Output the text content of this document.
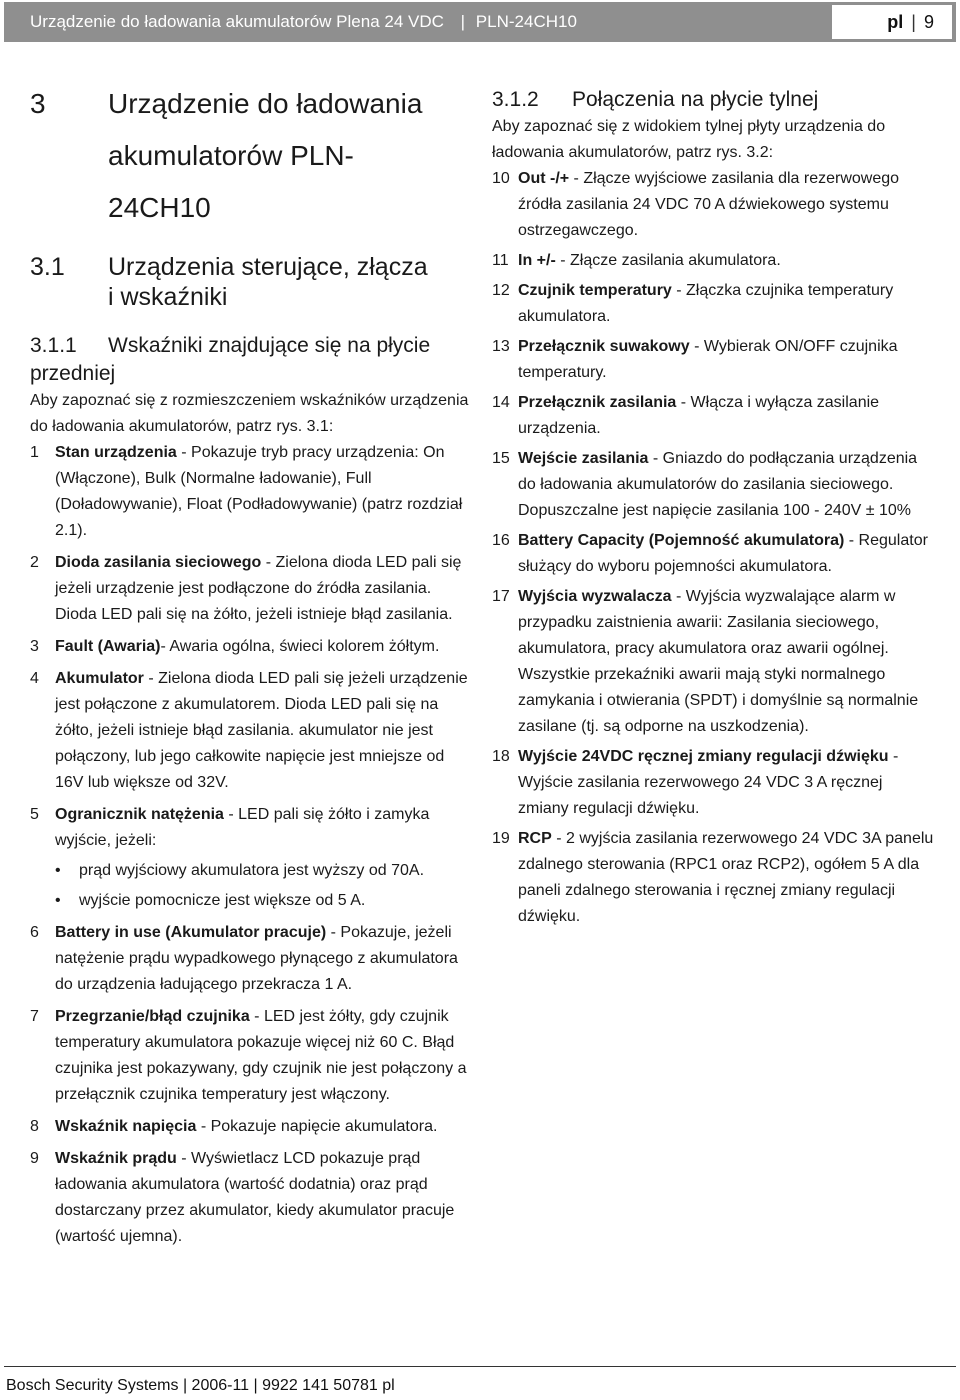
Urządzenie do ładowania akumulatorów Plena 24 VDC | PLN-24CH10	pl | 9
3	Urządzenie do ładowania
akumulatorów PLN-
24CH10
3.1	Urządzenia sterujące, złącza
i wskaźniki
3.1.1	Wskaźniki znajdujące się na płycie
przedniej

Aby zapoznać się z rozmieszczeniem wskaźników urządzenia do ładowania akumulatorów, patrz rys. 3.1:

1	Stan urządzenia - Pokazuje tryb pracy urządzenia: On (Włączone), Bulk (Normalne ładowanie), Full (Doładowywanie), Float (Podładowywanie) (patrz rozdział 2.1).
2	Dioda zasilania sieciowego - Zielona dioda LED pali się jeżeli urządzenie jest podłączone do źródła zasilania. Dioda LED pali się na żółto, jeżeli istnieje błąd zasilania.
3	Fault (Awaria)- Awaria ogólna, świeci kolorem żółtym.
4	Akumulator - Zielona dioda LED pali się jeżeli urządzenie jest połączone z akumulatorem. Dioda LED pali się na żółto, jeżeli istnieje błąd zasilania. akumulator nie jest połączony, lub jego całkowite napięcie jest mniejsze od 16V lub większe od 32V.
5	Ogranicznik natężenia - LED pali się żółto i zamyka wyjście, jeżeli:
•	prąd wyjściowy akumulatora jest wyższy od 70A.
•	wyjście pomocnicze jest większe od 5 A.
6	Battery in use (Akumulator pracuje) - Pokazuje, jeżeli natężenie prądu wypadkowego płynącego z akumulatora do urządzenia ładującego przekracza 1 A.
7	Przegrzanie/błąd czujnika - LED jest żółty, gdy czujnik temperatury akumulatora pokazuje więcej niż 60 C. Błąd czujnika jest pokazywany, gdy czujnik nie jest połączony a przełącznik czujnika temperatury jest włączony.
8	Wskaźnik napięcia - Pokazuje napięcie akumulatora.
9	Wskaźnik prądu - Wyświetlacz LCD pokazuje prąd ładowania akumulatora (wartość dodatnia) oraz prąd dostarczany przez akumulator, kiedy akumulator pracuje (wartość ujemna).
3.1.2	Połączenia na płycie tylnej

Aby zapoznać się z widokiem tylnej płyty urządzenia do ładowania akumulatorów, patrz rys. 3.2:

10 Out -/+ - Złącze wyjściowe zasilania dla rezerwowego źródła zasilania 24 VDC 70 A dźwiekowego systemu ostrzegawczego.
11 In +/- - Złącze zasilania akumulatora.
12 Czujnik temperatury - Złączka czujnika temperatury akumulatora.
13 Przełącznik suwakowy - Wybierak ON/OFF czujnika temperatury.
14 Przełącznik zasilania - Włącza i wyłącza zasilanie urządzenia.
15 Wejście zasilania - Gniazdo do podłączania urządzenia do ładowania akumulatorów do zasilania sieciowego. Dopuszczalne jest napięcie zasilania 100 - 240V ± 10%
16 Battery Capacity (Pojemność akumulatora) - Regulator służący do wyboru pojemności akumulatora.
17 Wyjścia wyzwalacza - Wyjścia wyzwalające alarm w przypadku zaistnienia awarii: Zasilania sieciowego, akumulatora, pracy akumulatora oraz awarii ogólnej. Wszystkie przekaźniki awarii mają styki normalnego zamykania i otwierania (SPDT) i domyślnie są normalnie zasilane (tj. są odporne na uszkodzenia).
18 Wyjście 24VDC ręcznej zmiany regulacji dźwięku - Wyjście zasilania rezerwowego 24 VDC 3 A ręcznej zmiany regulacji dźwięku.
19 RCP - 2 wyjścia zasilania rezerwowego 24 VDC 3A panelu zdalnego sterowania (RPC1 oraz RCP2), ogółem 5 A dla paneli zdalnego sterowania i ręcznej zmiany regulacji dźwięku.
Bosch Security Systems | 2006-11 | 9922 141 50781 pl
